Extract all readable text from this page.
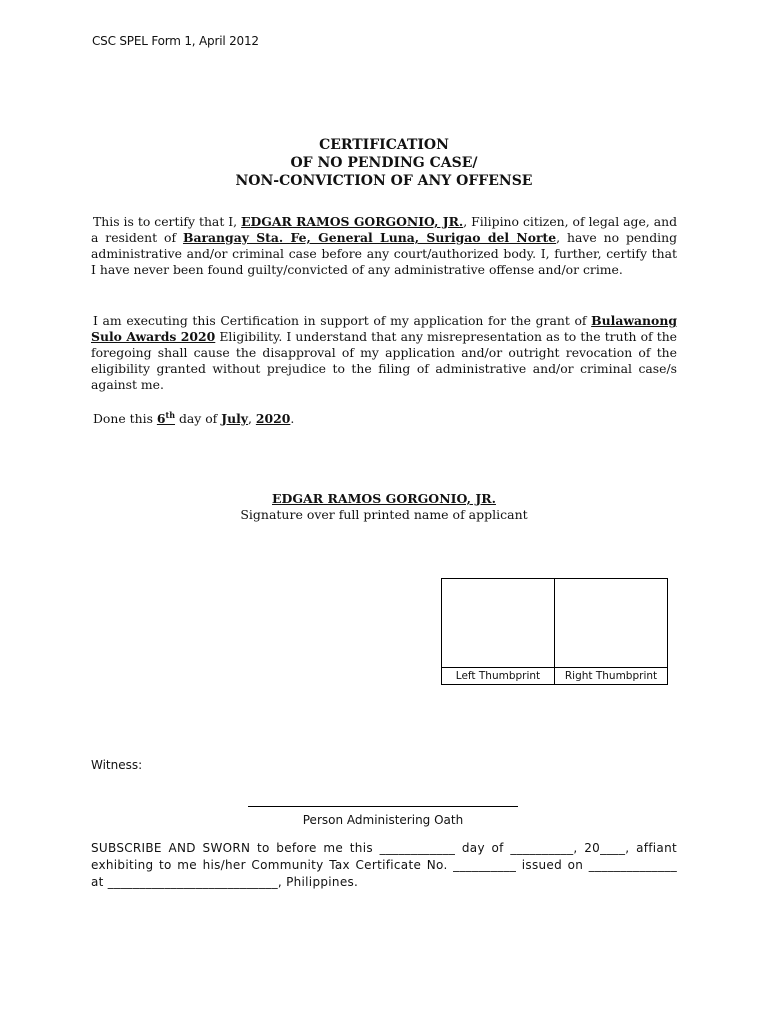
CSC SPEL Form 1, April 2012
CERTIFICATION
OF NO PENDING CASE/
NON-CONVICTION OF ANY OFFENSE
This is to certify that I, EDGAR RAMOS GORGONIO, JR., Filipino citizen, of legal age, and a resident of Barangay Sta. Fe, General Luna, Surigao del Norte, have no pending administrative and/or criminal case before any court/authorized body. I, further, certify that I have never been found guilty/convicted of any administrative offense and/or crime.
I am executing this Certification in support of my application for the grant of Bulawanong Sulo Awards 2020 Eligibility. I understand that any misrepresentation as to the truth of the foregoing shall cause the disapproval of my application and/or outright revocation of the eligibility granted without prejudice to the filing of administrative and/or criminal case/s against me.
Done this 6th day of July, 2020.
EDGAR RAMOS GORGONIO, JR.
Signature over full printed name of applicant

Left Thumbprint	Right Thumbprint
Witness:
Person Administering Oath
SUBSCRIBE AND SWORN to before me this ____________ day of __________, 20____, affiant exhibiting to me his/her Community Tax Certificate No. __________ issued on ______________ at ___________________________, Philippines.
